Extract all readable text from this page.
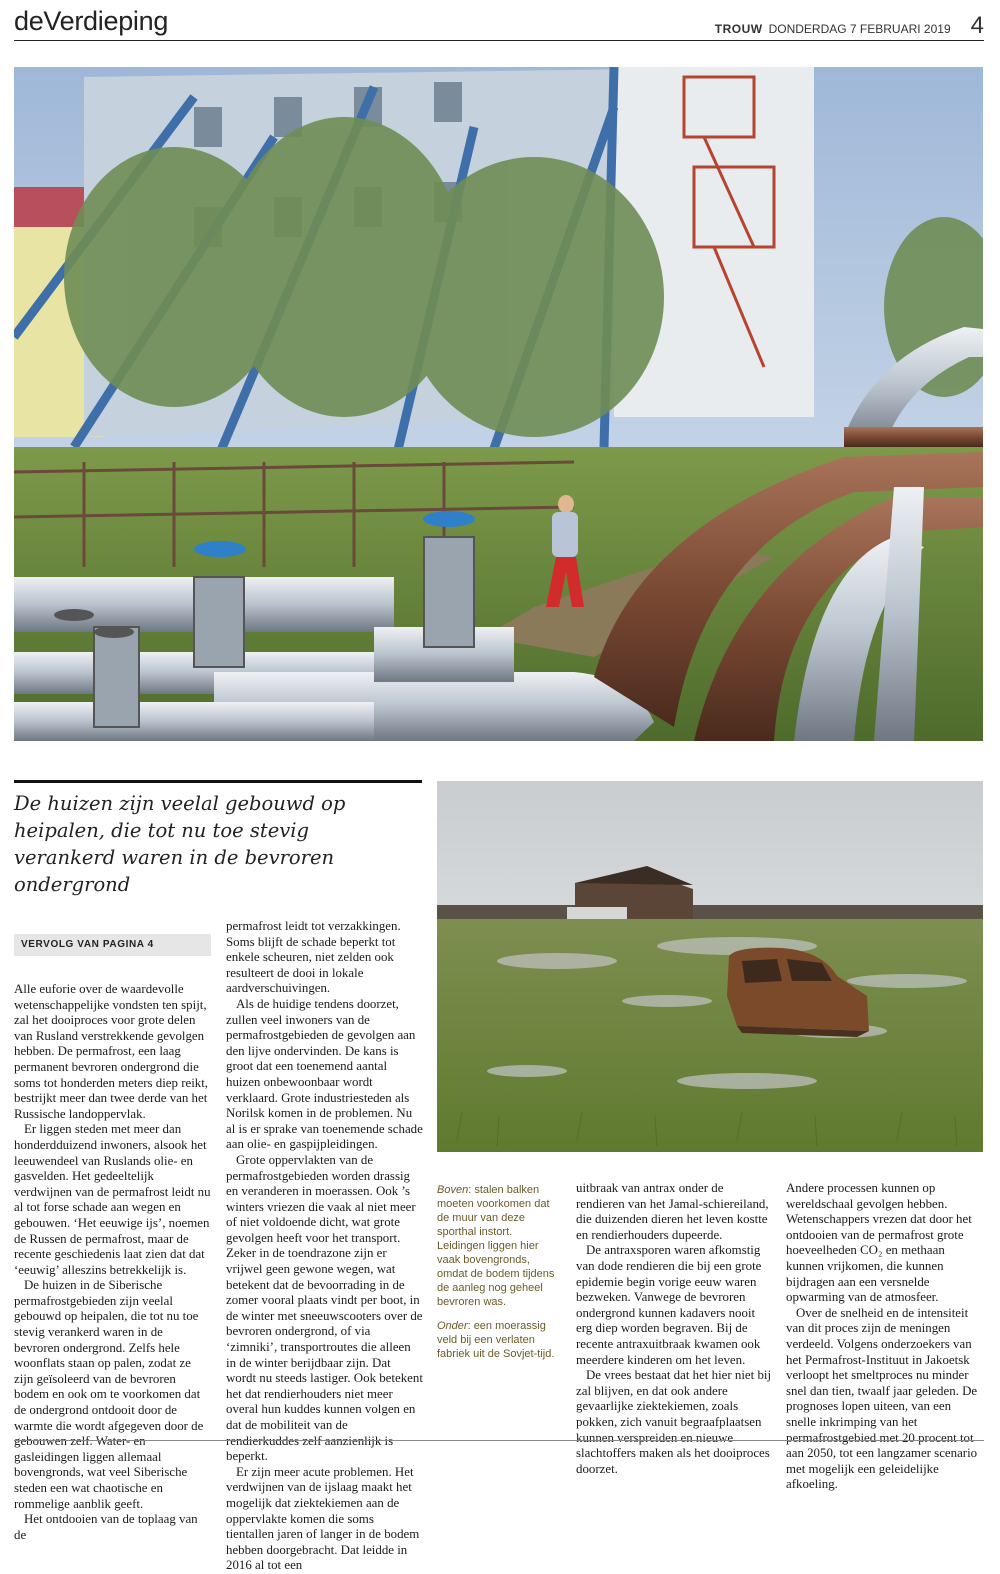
deVerdieping	TROUW DONDERDAG 7 FEBRUARI 2019 4
De huizen zijn veelal gebouwd op heipalen, die tot nu toe stevig verankerd waren in de bevroren ondergrond
VERVOLG VAN PAGINA 4

Alle euforie over de waardevolle wetenschappelijke vondsten ten spijt, zal het dooiproces voor grote delen van Rusland verstrekkende gevolgen hebben. De permafrost, een laag permanent bevroren ondergrond die soms tot honderden meters diep reikt, bestrijkt meer dan twee derde van het Russische landoppervlak.

Er liggen steden met meer dan honderdduizend inwoners, alsook het leeuwendeel van Ruslands olie- en gasvelden. Het gedeeltelijk verdwijnen van de permafrost leidt nu al tot forse schade aan wegen en gebouwen. ‘Het eeuwige ijs’, noemen de Russen de permafrost, maar de recente geschiedenis laat zien dat dat ‘eeuwig’ alleszins betrekkelijk is.

De huizen in de Siberische permafrostgebieden zijn veelal gebouwd op heipalen, die tot nu toe stevig verankerd waren in de bevroren ondergrond. Zelfs hele woonflats staan op palen, zodat ze zijn geïsoleerd van de bevroren bodem en ook om te voorkomen dat de ondergrond ontdooit door de warmte die wordt afgegeven door de gebouwen zelf. Water- en gasleidingen liggen allemaal bovengronds, wat veel Siberische steden een wat chaotische en rommelige aanblik geeft.

Het ontdooien van de toplaag van de

permafrost leidt tot verzakkingen. Soms blijft de schade beperkt tot enkele scheuren, niet zelden ook resulteert de dooi in lokale aardverschuivingen.

Als de huidige tendens doorzet, zullen veel inwoners van de permafrostgebieden de gevolgen aan den lijve ondervinden. De kans is groot dat een toenemend aantal huizen onbewoonbaar wordt verklaard. Grote industriesteden als Norilsk komen in de problemen. Nu al is er sprake van toenemende schade aan olie- en gaspijpleidingen.

Grote oppervlakten van de permafrostgebieden worden drassig en veranderen in moerassen. Ook ’s winters vriezen die vaak al niet meer of niet voldoende dicht, wat grote gevolgen heeft voor het transport. Zeker in de toendrazone zijn er vrijwel geen gewone wegen, wat betekent dat de bevoorrading in de zomer vooral plaats vindt per boot, in de winter met sneeuwscooters over de bevroren ondergrond, of via ‘zimniki’, transportroutes die alleen in de winter berijdbaar zijn. Dat wordt nu steeds lastiger. Ook betekent het dat rendierhouders niet meer overal hun kuddes kunnen volgen en dat de mobiliteit van de rendierkuddes zelf aanzienlijk is beperkt.

Er zijn meer acute problemen. Het verdwijnen van de ijslaag maakt het mogelijk dat ziektekiemen aan de oppervlakte komen die soms tientallen jaren of langer in de bodem hebben doorgebracht. Dat leidde in 2016 al tot een

Boven: stalen balken moeten voorkomen dat de muur van deze sporthal instort. Leidingen liggen hier vaak bovengronds, omdat de bodem tijdens de aanleg nog geheel bevroren was.

Onder: een moerassig veld bij een verlaten fabriek uit de Sovjet-tijd.

uitbraak van antrax onder de rendieren van het Jamal-schiereiland, die duizenden dieren het leven kostte en rendierhouders dupeerde.

De antraxsporen waren afkomstig van dode rendieren die bij een grote epidemie begin vorige eeuw waren bezweken. Vanwege de bevroren ondergrond kunnen kadavers nooit erg diep worden begraven. Bij de recente antraxuitbraak kwamen ook meerdere kinderen om het leven.

De vrees bestaat dat het hier niet bij zal blijven, en dat ook andere gevaarlijke ziektekiemen, zoals pokken, zich vanuit begraafplaatsen kunnen verspreiden en nieuwe slachtoffers maken als het dooiproces doorzet.

Andere processen kunnen op wereldschaal gevolgen hebben. Wetenschappers vrezen dat door het ontdooien van de permafrost grote hoeveelheden CO₂ en methaan kunnen vrijkomen, die kunnen bijdragen aan een versnelde opwarming van de atmosfeer.

Over de snelheid en de intensiteit van dit proces zijn de meningen verdeeld. Volgens onderzoekers van het Permafrost-Instituut in Jakoetsk verloopt het smeltproces nu minder snel dan tien, twaalf jaar geleden. De prognoses lopen uiteen, van een snelle inkrimping van het permafrostgebied met 20 procent tot aan 2050, tot een langzamer scenario met mogelijk een geleidelijke afkoeling.
